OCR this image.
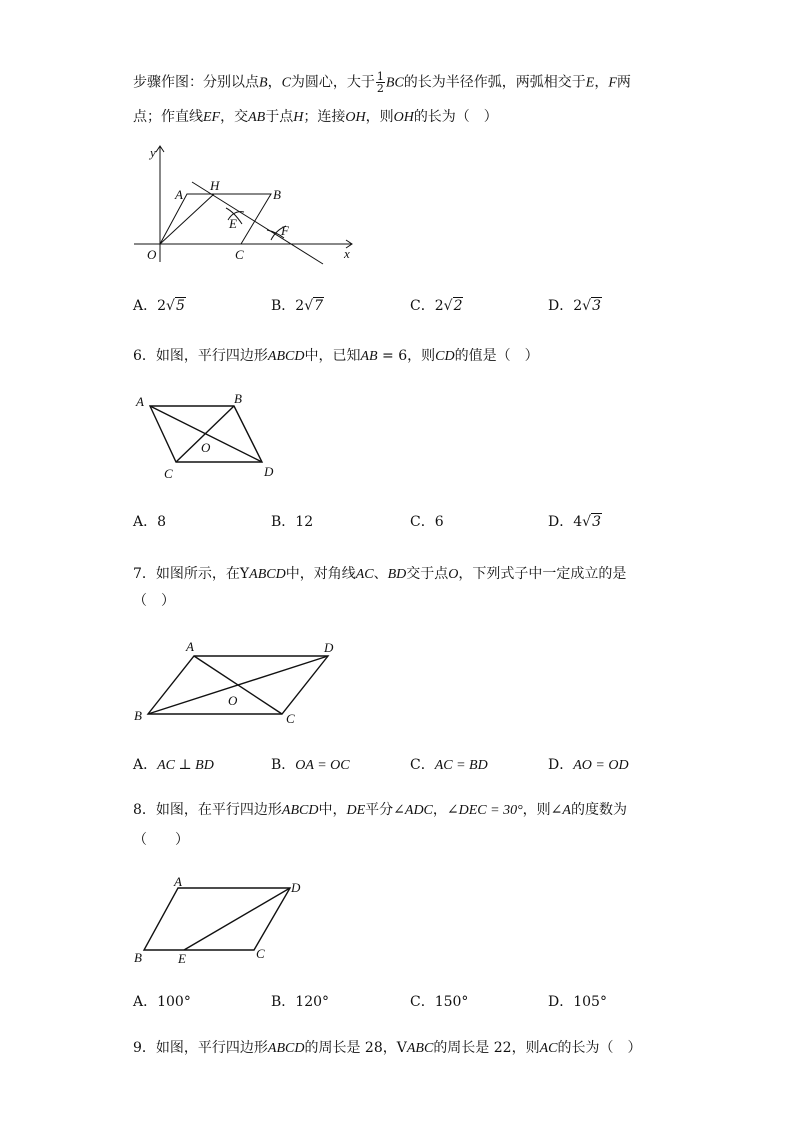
步骤作图：分别以点B，C为圆心，大于 $\frac{1}{2}$ BC的长为半径作弧，两弧相交于E，F两
点；作直线EF，交AB于点H；连接OH，则OH的长为（　）
y
x
O
A
H
B
E	F
C
A．2√5	B．2√7	C．2√2	D．2√3
6．如图，平行四边形ABCD中，已知AB = 6，则CD的值是（　）
A	B
O
C	D
A．8	B．12	C．6	D．4√3
7．如图所示，在YABCD中，对角线AC、BD交于点O，下列式子中一定成立的是
（　）
A	D
O
B	C
A．AC ⊥ BD	B．OA = OC	C．AC = BD	D．AO = OD
8．如图，在平行四边形ABCD中，DE平分∠ADC，∠DEC = 30°，则∠A的度数为
（　　）
A	D
B	E	C
A．100°	B．120°	C．150°	D．105°
9．如图，平行四边形ABCD的周长是 28，VABC的周长是 22，则AC的长为（　）
